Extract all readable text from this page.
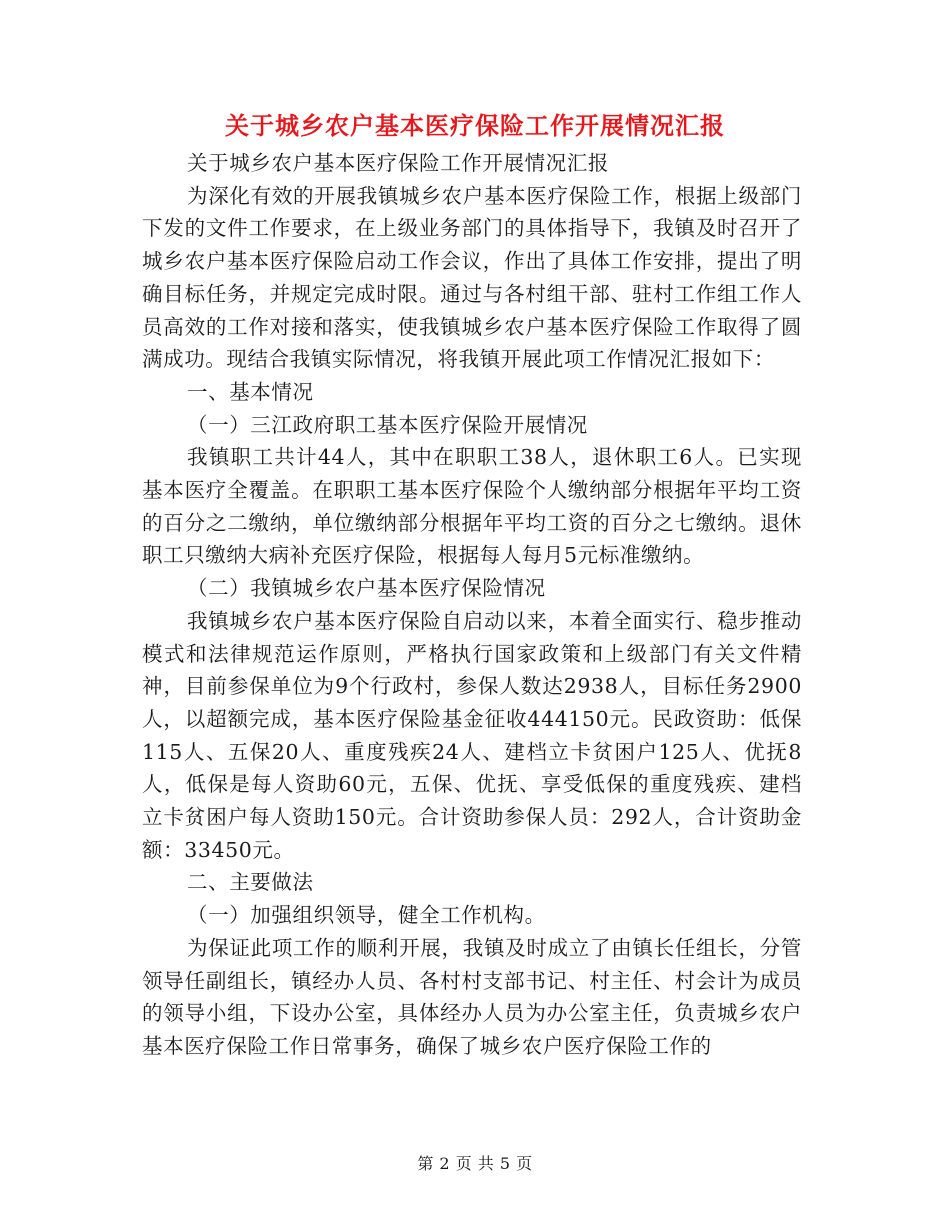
关于城乡农户基本医疗保险工作开展情况汇报

关于城乡农户基本医疗保险工作开展情况汇报

为深化有效的开展我镇城乡农户基本医疗保险工作，根据上级部门下发的文件工作要求，在上级业务部门的具体指导下，我镇及时召开了城乡农户基本医疗保险启动工作会议，作出了具体工作安排，提出了明确目标任务，并规定完成时限。通过与各村组干部、驻村工作组工作人员高效的工作对接和落实，使我镇城乡农户基本医疗保险工作取得了圆满成功。现结合我镇实际情况，将我镇开展此项工作情况汇报如下：

一、基本情况

（一）三江政府职工基本医疗保险开展情况

我镇职工共计44人，其中在职职工38人，退休职工6人。已实现基本医疗全覆盖。在职职工基本医疗保险个人缴纳部分根据年平均工资的百分之二缴纳，单位缴纳部分根据年平均工资的百分之七缴纳。退休职工只缴纳大病补充医疗保险，根据每人每月5元标准缴纳。

（二）我镇城乡农户基本医疗保险情况

我镇城乡农户基本医疗保险自启动以来，本着全面实行、稳步推动模式和法律规范运作原则，严格执行国家政策和上级部门有关文件精神，目前参保单位为9个行政村，参保人数达2938人，目标任务2900人，以超额完成，基本医疗保险基金征收444150元。民政资助：低保115人、五保20人、重度残疾24人、建档立卡贫困户125人、优抚8人，低保是每人资助60元，五保、优抚、享受低保的重度残疾、建档立卡贫困户每人资助150元。合计资助参保人员：292人，合计资助金额：33450元。

二、主要做法

（一）加强组织领导，健全工作机构。

为保证此项工作的顺利开展，我镇及时成立了由镇长任组长，分管领导任副组长，镇经办人员、各村村支部书记、村主任、村会计为成员的领导小组，下设办公室，具体经办人员为办公室主任，负责城乡农户基本医疗保险工作日常事务，确保了城乡农户医疗保险工作的

第 2 页 共 5 页
